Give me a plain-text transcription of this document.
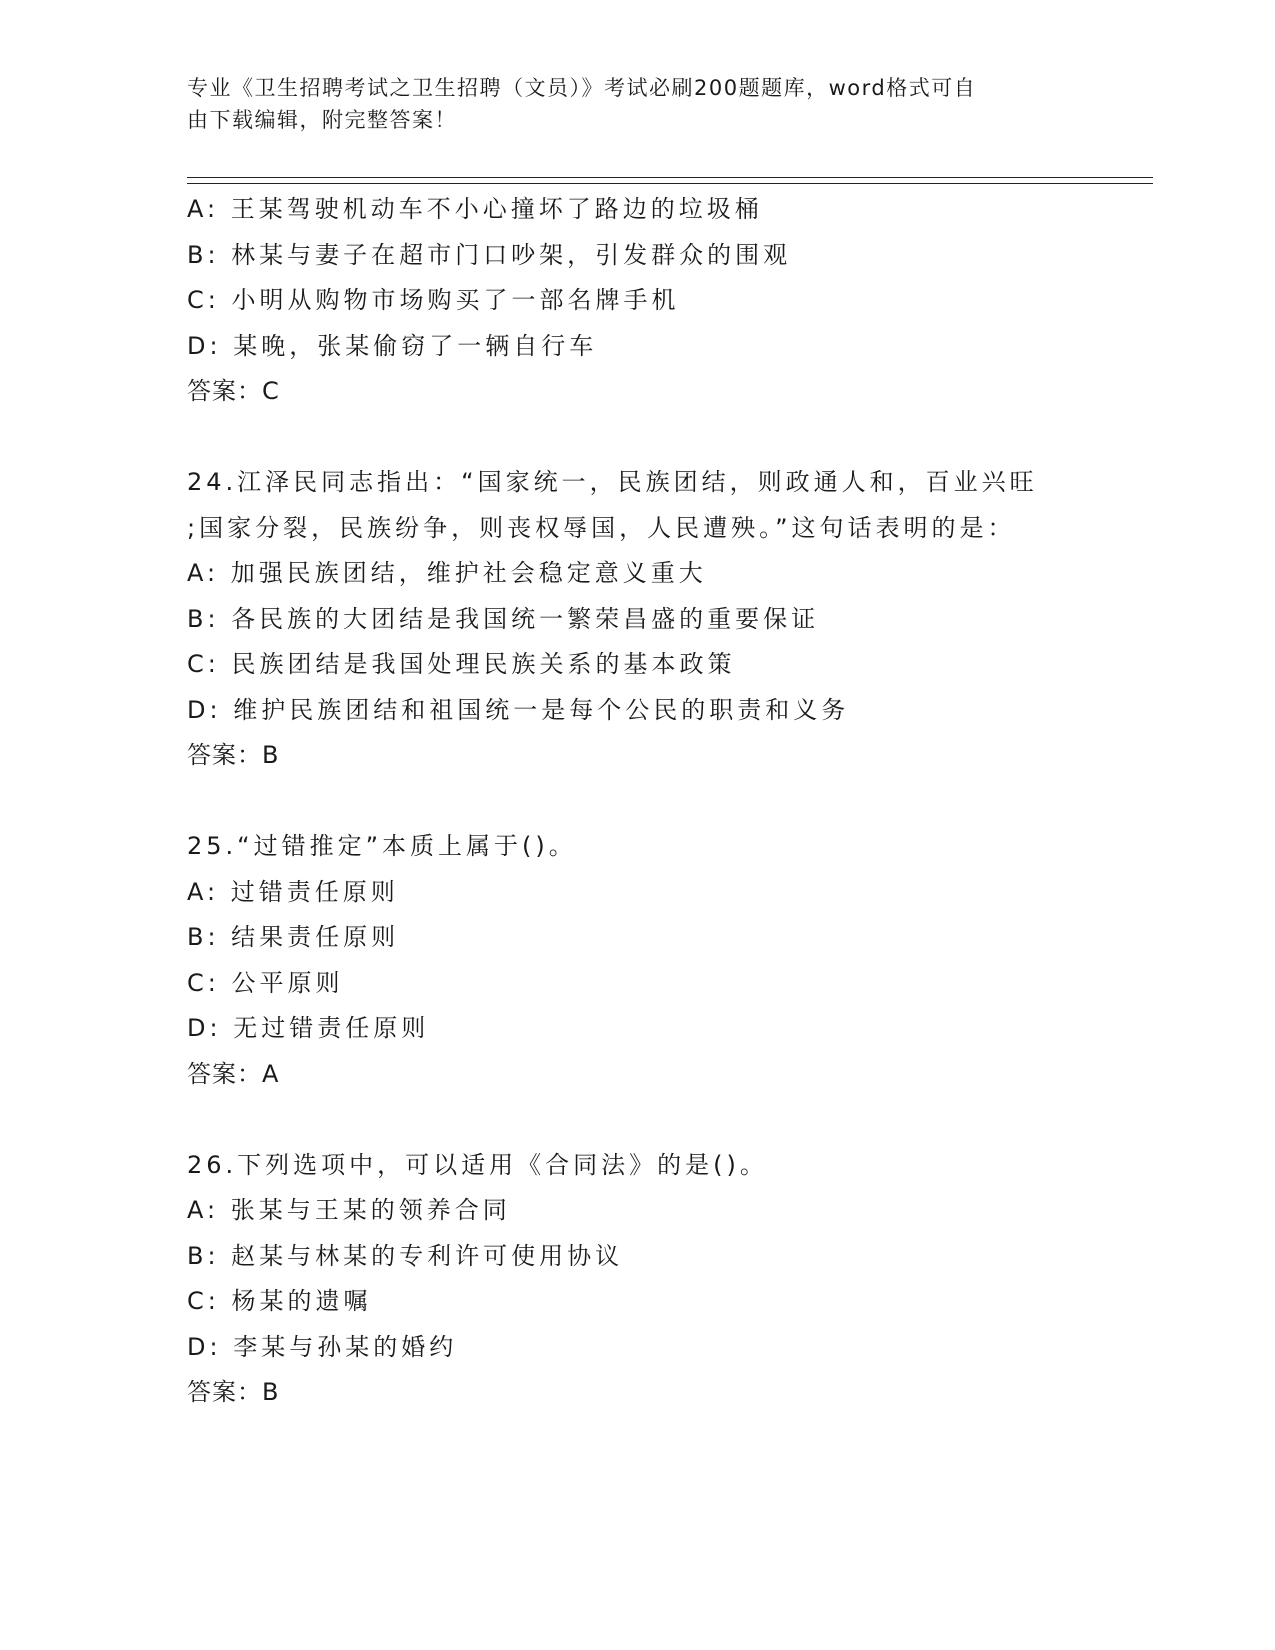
专业《卫生招聘考试之卫生招聘（文员）》考试必刷200题题库，word格式可自
由下载编辑，附完整答案！
A: 王某驾驶机动车不小心撞坏了路边的垃圾桶
B: 林某与妻子在超市门口吵架，引发群众的围观
C: 小明从购物市场购买了一部名牌手机
D: 某晚，张某偷窃了一辆自行车
答案：C
24.江泽民同志指出：“国家统一，民族团结，则政通人和，百业兴旺
;国家分裂，民族纷争，则丧权辱国，人民遭殃。”这句话表明的是：
A: 加强民族团结，维护社会稳定意义重大
B: 各民族的大团结是我国统一繁荣昌盛的重要保证
C: 民族团结是我国处理民族关系的基本政策
D: 维护民族团结和祖国统一是每个公民的职责和义务
答案：B
25.“过错推定”本质上属于()。
A: 过错责任原则
B: 结果责任原则
C: 公平原则
D: 无过错责任原则
答案：A
26.下列选项中，可以适用《合同法》的是()。
A: 张某与王某的领养合同
B: 赵某与林某的专利许可使用协议
C: 杨某的遗嘱
D: 李某与孙某的婚约
答案：B
